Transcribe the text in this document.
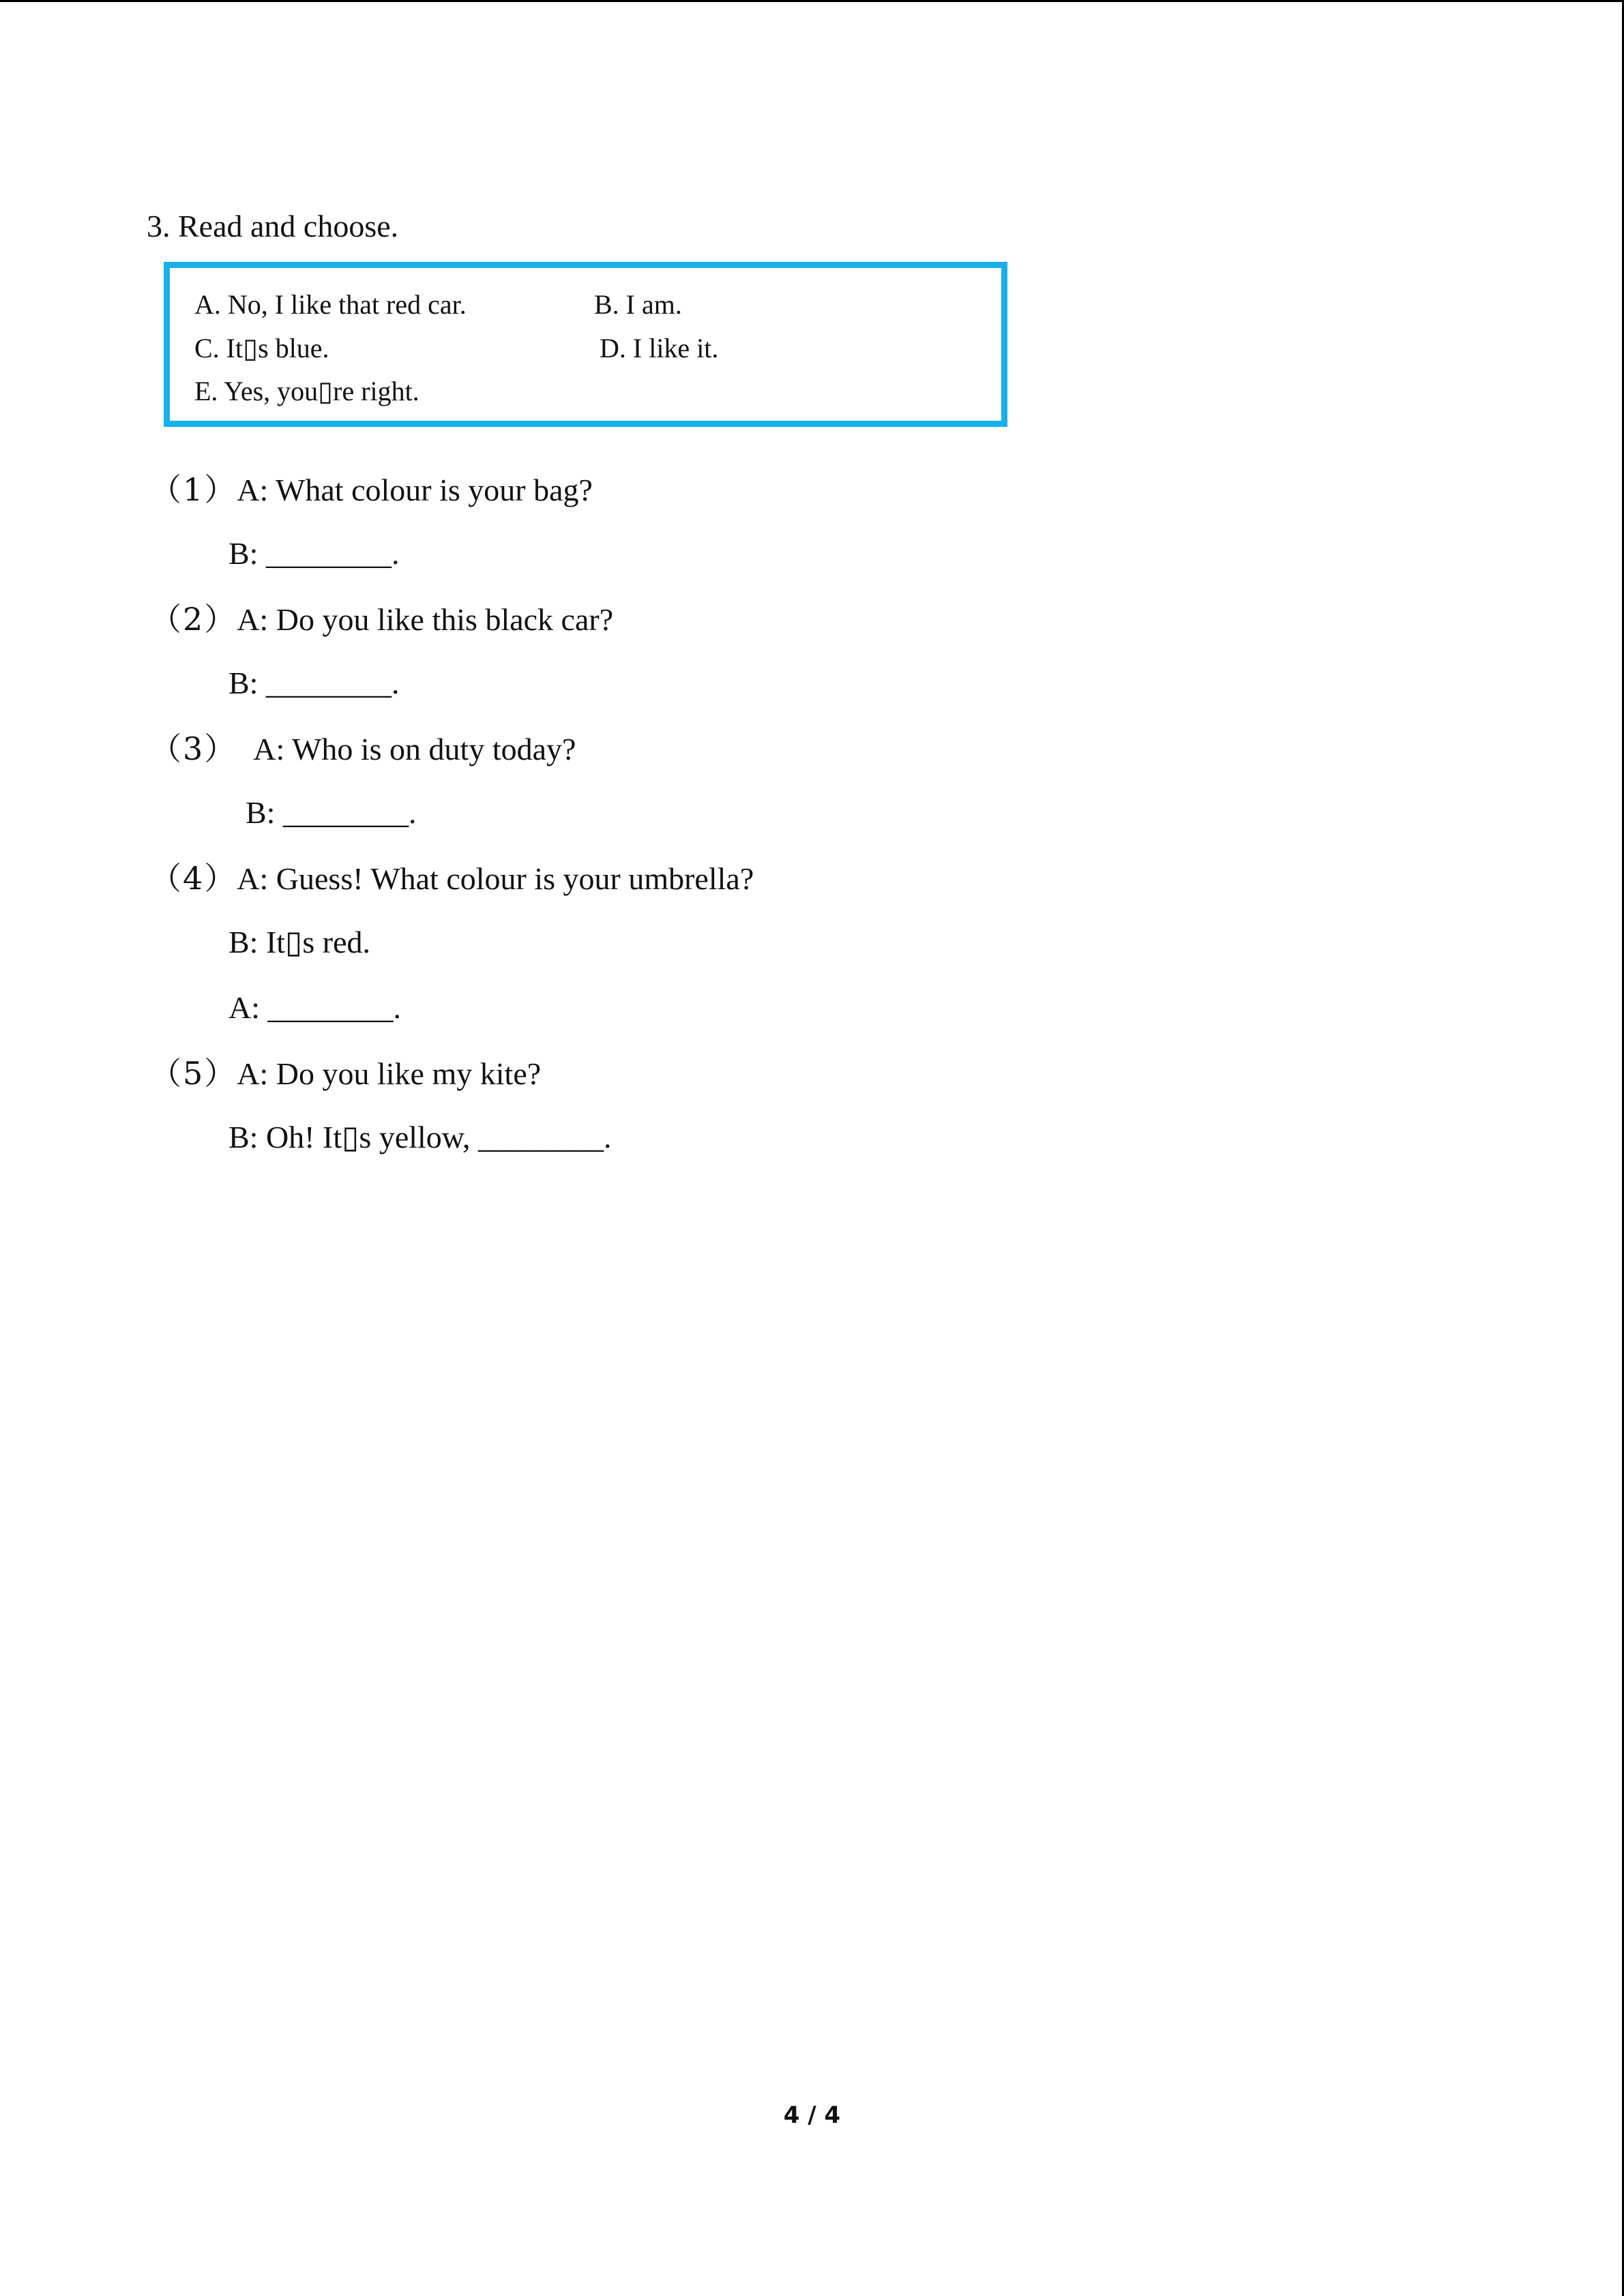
3. Read and choose.
A. No, I like that red car.	B. I am.
C. It▯s blue.	D. I like it.
E. Yes, you▯re right.
（1）A: What colour is your bag?
B: ________.
（2）A: Do you like this black car?
B: ________.
（3） A: Who is on duty today?
B: ________.
（4）A: Guess! What colour is your umbrella?
B: It▯s red.
A: ________.
（5）A: Do you like my kite?
B: Oh! It▯s yellow, ________.
4 / 4
